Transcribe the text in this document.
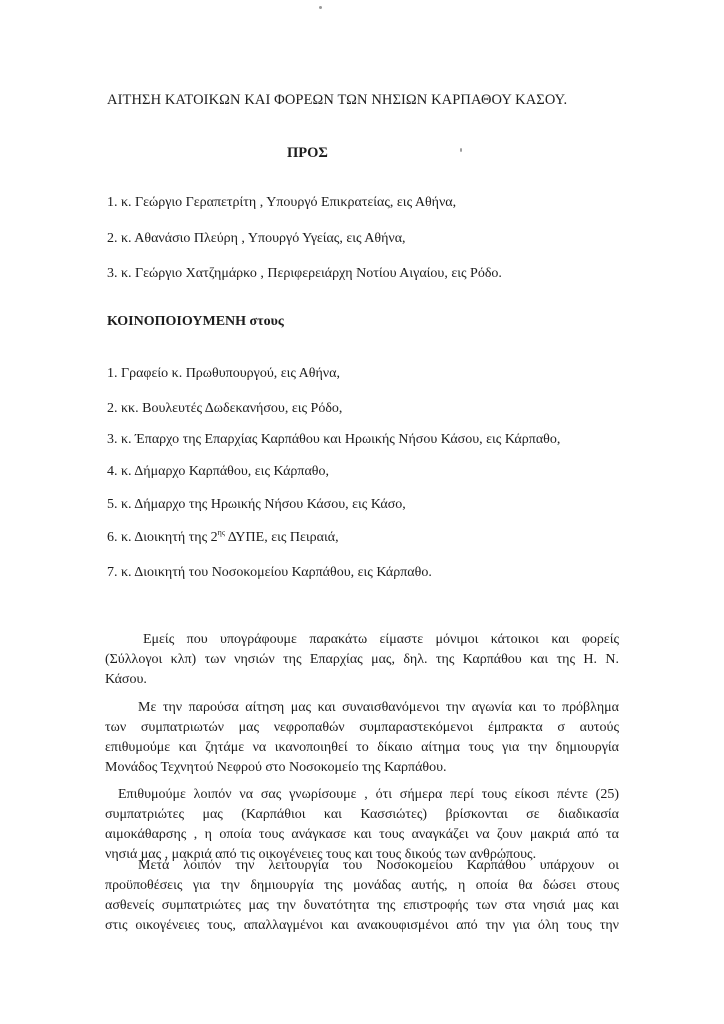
ΑΙΤΗΣΗ ΚΑΤΟΙΚΩΝ ΚΑΙ ΦΟΡΕΩΝ ΤΩΝ ΝΗΣΙΩΝ ΚΑΡΠΑΘΟΥ ΚΑΣΟΥ.
ΠΡΟΣ
1. κ. Γεώργιο Γεραπετρίτη , Υπουργό Επικρατείας, εις Αθήνα,
2. κ. Αθανάσιο Πλεύρη , Υπουργό Υγείας, εις Αθήνα,
3. κ. Γεώργιο Χατζημάρκο , Περιφερειάρχη Νοτίου Αιγαίου, εις Ρόδο.
ΚΟΙΝΟΠΟΙΟΥΜΕΝΗ στους
1. Γραφείο κ. Πρωθυπουργού, εις Αθήνα,
2. κκ. Βουλευτές Δωδεκανήσου, εις Ρόδο,
3. κ. Έπαρχο της Επαρχίας Καρπάθου και Ηρωικής Νήσου Κάσου, εις Κάρπαθο,
4. κ. Δήμαρχο Καρπάθου, εις Κάρπαθο,
5. κ. Δήμαρχο της Ηρωικής Νήσου Κάσου, εις Κάσο,
6. κ. Διοικητή της $2^{\eta\varsigma}$ ΔΥΠΕ, εις Πειραιά,
7. κ. Διοικητή του Νοσοκομείου Καρπάθου, εις Κάρπαθο.
Εμείς που υπογράφουμε παρακάτω είμαστε μόνιμοι κάτοικοι και φορείς
(Σύλλογοι κλπ) των νησιών της Επαρχίας μας, δηλ. της Καρπάθου και της Η. Ν.
Κάσου.
Με την παρούσα αίτηση μας και συναισθανόμενοι την αγωνία και το πρόβλημα
των συμπατριωτών μας νεφροπαθών συμπαραστεκόμενοι έμπρακτα σ αυτούς
επιθυμούμε και ζητάμε να ικανοποιηθεί το δίκαιο αίτημα τους για την δημιουργία
Μονάδος Τεχνητού Νεφρού στο Νοσοκομείο της Καρπάθου.
Επιθυμούμε λοιπόν να σας γνωρίσουμε , ότι σήμερα περί τους είκοσι πέντε (25)
συμπατριώτες μας (Καρπάθιοι και Κασσιώτες) βρίσκονται σε διαδικασία
αιμοκάθαρσης , η οποία τους ανάγκασε και τους αναγκάζει να ζουν μακριά από τα
νησιά μας , μακριά από τις οικογένειες τους και τους δικούς των ανθρώπους.
Μετά λοιπόν την λειτουργία του Νοσοκομείου Καρπάθου υπάρχουν οι
προϋποθέσεις για την δημιουργία της μονάδας αυτής, η οποία θα δώσει στους
ασθενείς συμπατριώτες μας την δυνατότητα της επιστροφής των στα νησιά μας και
στις οικογένειες τους, απαλλαγμένοι και ανακουφισμένοι από την για όλη τους την
